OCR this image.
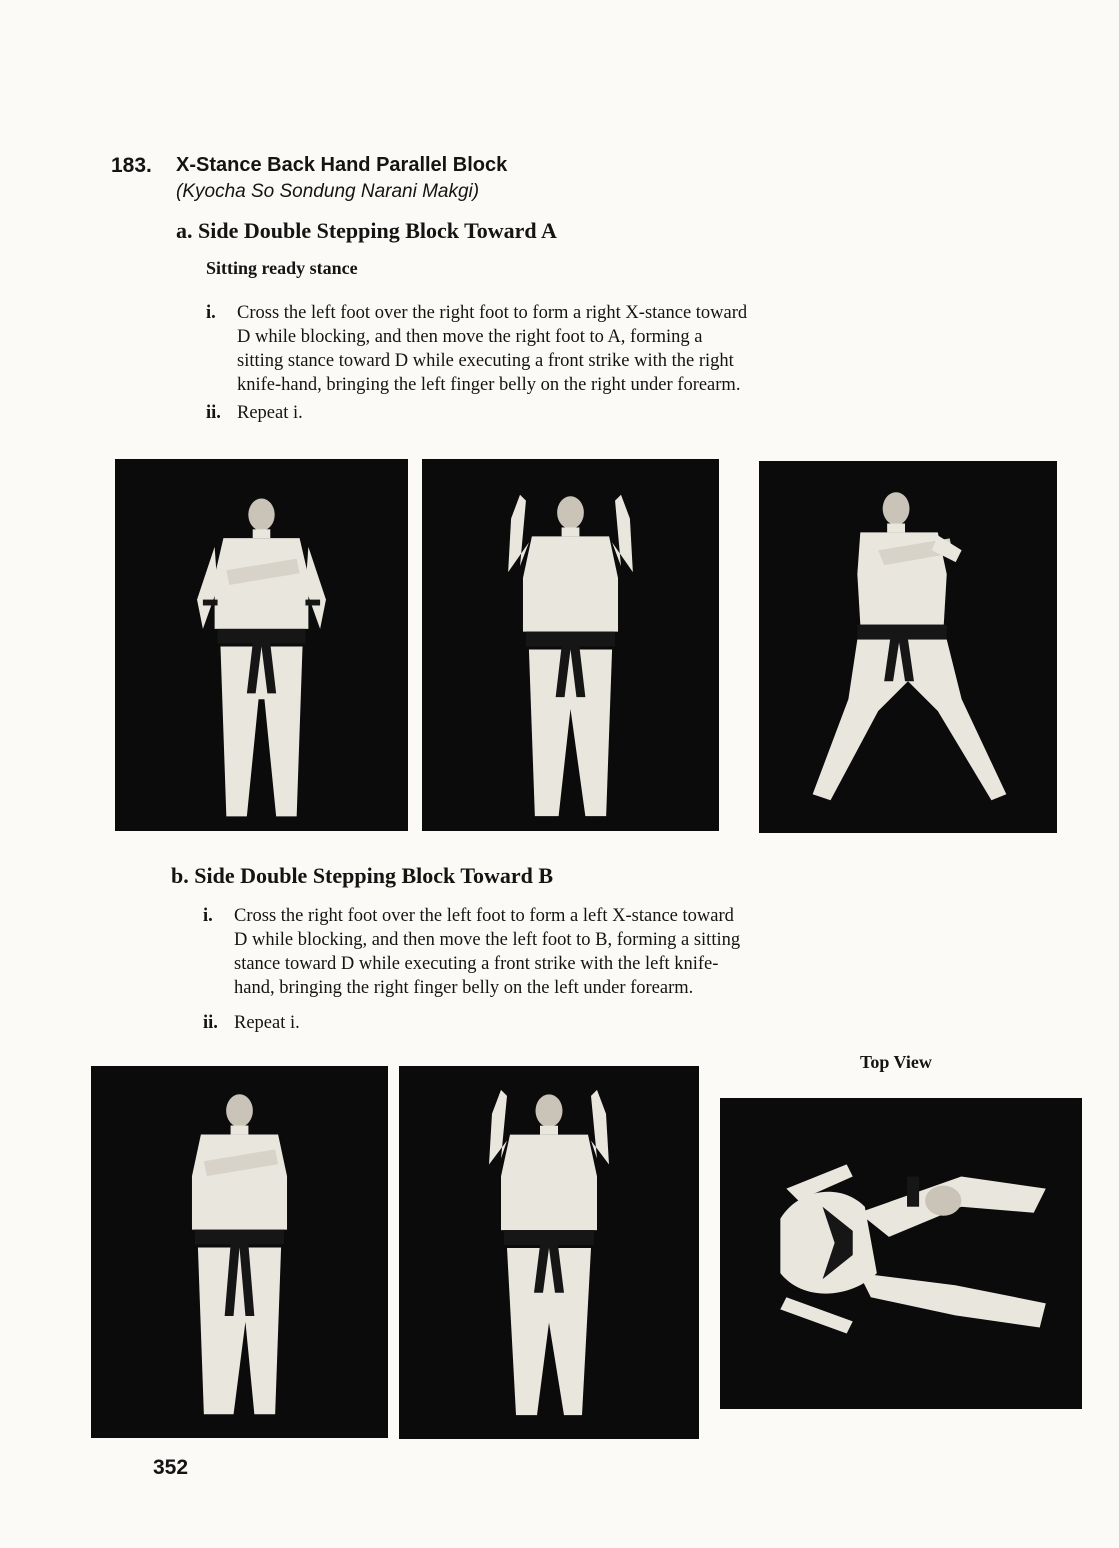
183. X-Stance Back Hand Parallel Block
(Kyocha So Sondung Narani Makgi)
a. Side Double Stepping Block Toward A
Sitting ready stance
i. Cross the left foot over the right foot to form a right X-stance toward
D while blocking, and then move the right foot to A, forming a
sitting stance toward D while executing a front strike with the right
knife-hand, bringing the left finger belly on the right under forearm.
ii. Repeat i.
b. Side Double Stepping Block Toward B
i. Cross the right foot over the left foot to form a left X-stance toward
D while blocking, and then move the left foot to B, forming a sitting
stance toward D while executing a front strike with the left knife-
hand, bringing the right finger belly on the left under forearm.
ii. Repeat i.
Top View
352
